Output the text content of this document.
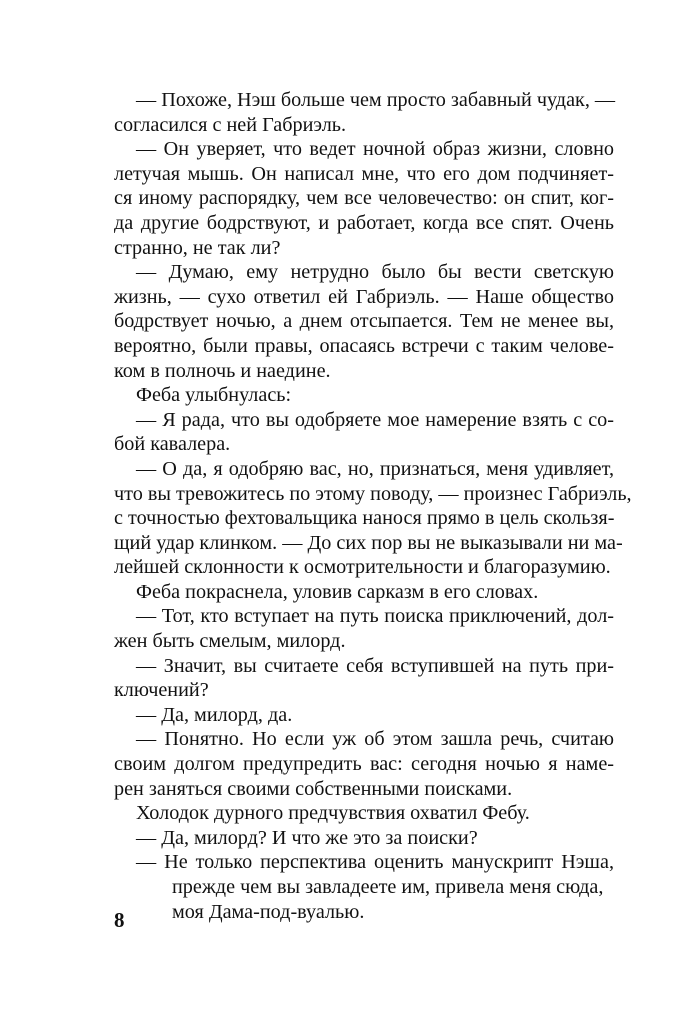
— Похоже, Нэш больше чем просто забавный чудак, —
согласился с ней Габриэль.

— Он уверяет, что ведет ночной образ жизни, словно
летучая мышь. Он написал мне, что его дом подчиняет-
ся иному распорядку, чем все человечество: он спит, ког-
да другие бодрствуют, и работает, когда все спят. Очень
странно, не так ли?

— Думаю, ему нетрудно было бы вести светскую
жизнь, — сухо ответил ей Габриэль. — Наше общество
бодрствует ночью, а днем отсыпается. Тем не менее вы,
вероятно, были правы, опасаясь встречи с таким челове-
ком в полночь и наедине.

Феба улыбнулась:

— Я рада, что вы одобряете мое намерение взять с со-
бой кавалера.

— О да, я одобряю вас, но, признаться, меня удивляет,
что вы тревожитесь по этому поводу, — произнес Габриэль,
с точностью фехтовальщика нанося прямо в цель скользя-
щий удар клинком. — До сих пор вы не выказывали ни ма-
лейшей склонности к осмотрительности и благоразумию.

Феба покраснела, уловив сарказм в его словах.

— Тот, кто вступает на путь поиска приключений, дол-
жен быть смелым, милорд.

— Значит, вы считаете себя вступившей на путь при-
ключений?

— Да, милорд, да.

— Понятно. Но если уж об этом зашла речь, считаю
своим долгом предупредить вас: сегодня ночью я наме-
рен заняться своими собственными поисками.

Холодок дурного предчувствия охватил Фебу.

— Да, милорд? И что же это за поиски?

— Не только перспектива оценить манускрипт Нэша,
прежде чем вы завладеете им, привела меня сюда,
моя Дама-под-вуалью.

8
